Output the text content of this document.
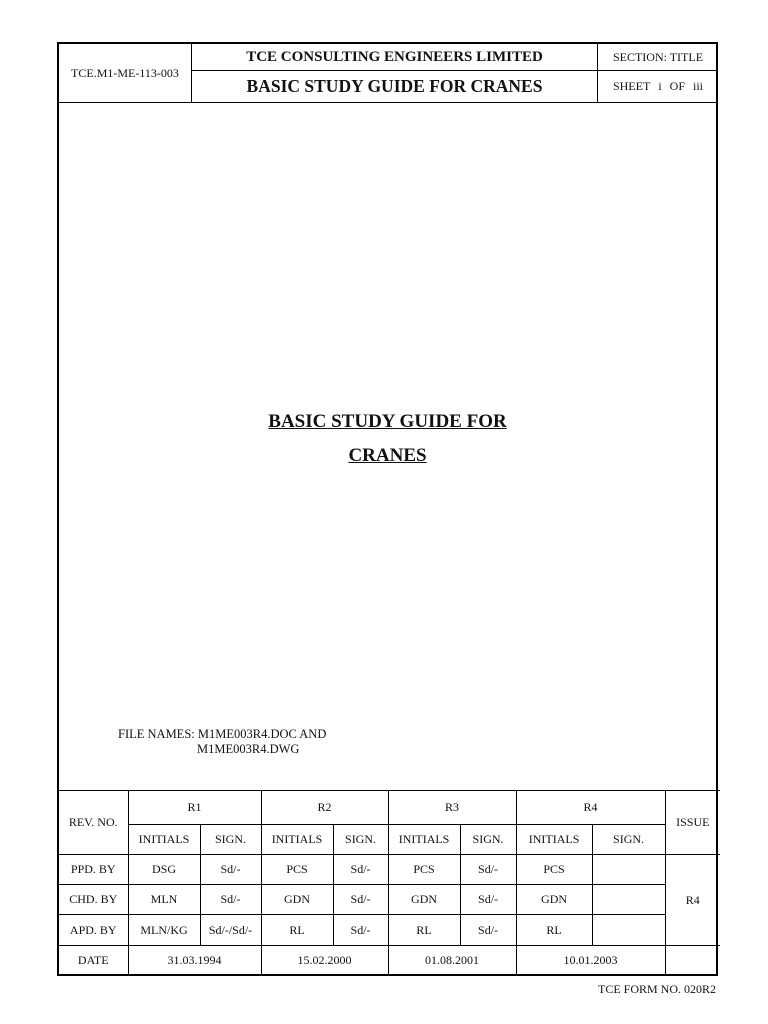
TCE.M1-ME-113-003
TCE CONSULTING ENGINEERS LIMITED
BASIC STUDY GUIDE FOR CRANES
SECTION: TITLE
SHEET i OF iii
BASIC STUDY GUIDE FOR
CRANES
FILE NAMES: M1ME003R4.DOC AND
M1ME003R4.DWG
REV. NO.	R1		R2		R3		R4		ISSUE
	INITIALS	SIGN.	INITIALS	SIGN.	INITIALS	SIGN.	INITIALS	SIGN.	
PPD. BY	DSG	Sd/-	PCS	Sd/-	PCS	Sd/-	PCS		R4
CHD. BY	MLN	Sd/-	GDN	Sd/-	GDN	Sd/-	GDN		
APD. BY	MLN/KG	Sd/-/Sd/-	RL	Sd/-	RL	Sd/-	RL		
DATE	31.03.1994		15.02.2000		01.08.2001		10.01.2003		
TCE FORM NO. 020R2
